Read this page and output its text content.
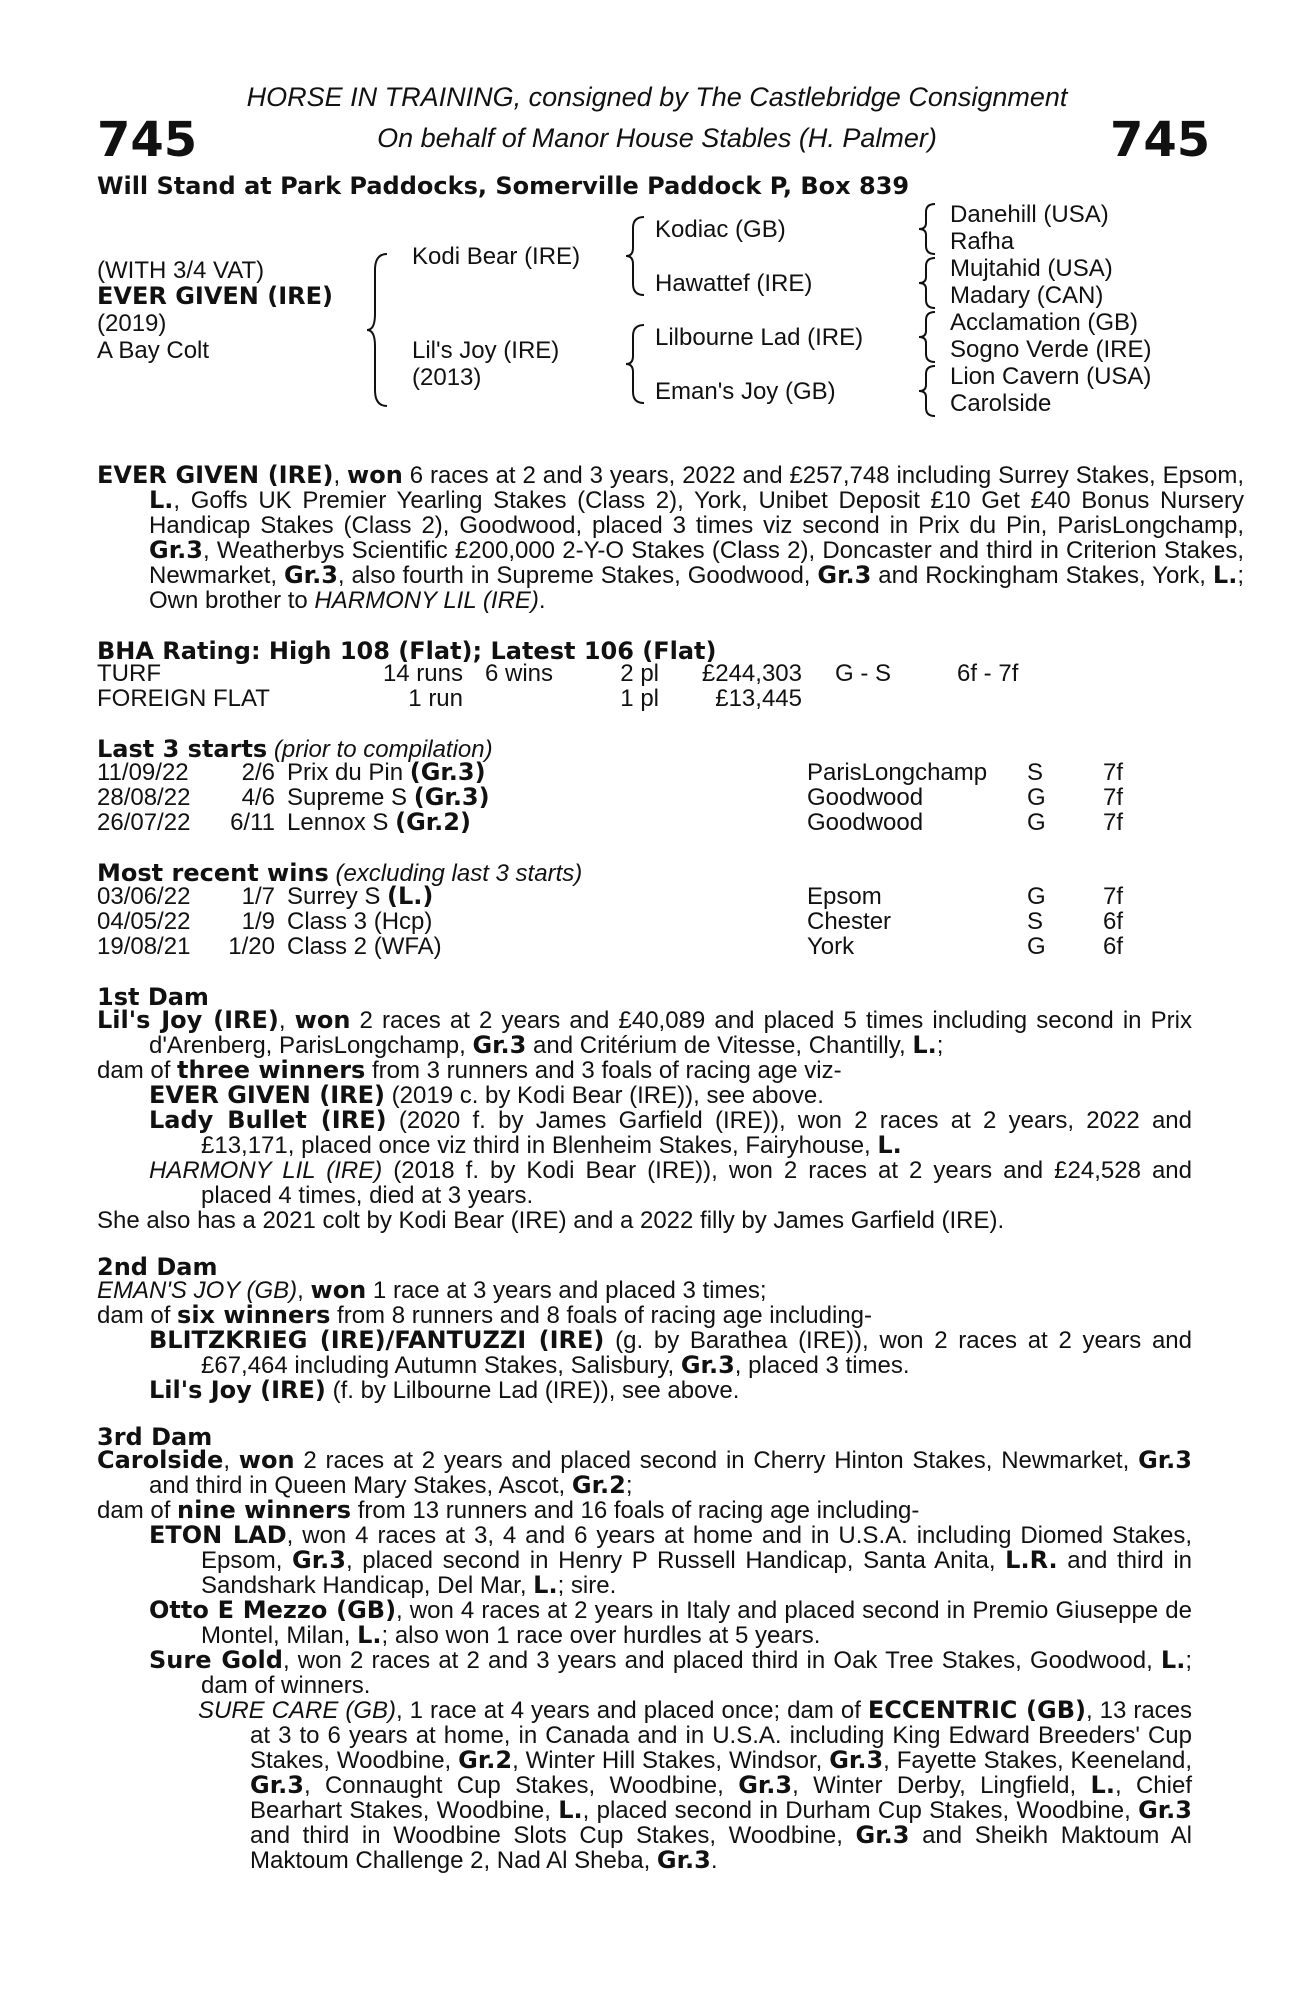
HORSE IN TRAINING, consigned by The Castlebridge Consignment
On behalf of Manor House Stables (H. Palmer)
745	745
Will Stand at Park Paddocks, Somerville Paddock P, Box 839
(WITH 3/4 VAT)
EVER GIVEN (IRE)
(2019)
A Bay Colt
Kodi Bear (IRE)
Lil's Joy (IRE)
(2013)
Kodiac (GB)
Hawattef (IRE)
Lilbourne Lad (IRE)
Eman's Joy (GB)
Danehill (USA)
Rafha
Mujtahid (USA)
Madary (CAN)
Acclamation (GB)
Sogno Verde (IRE)
Lion Cavern (USA)
Carolside

EVER GIVEN (IRE), won 6 races at 2 and 3 years, 2022 and £257,748 including Surrey Stakes, Epsom, L., Goffs UK Premier Yearling Stakes (Class 2), York, Unibet Deposit £10 Get £40 Bonus Nursery Handicap Stakes (Class 2), Goodwood, placed 3 times viz second in Prix du Pin, ParisLongchamp, Gr.3, Weatherbys Scientific £200,000 2-Y-O Stakes (Class 2), Doncaster and third in Criterion Stakes, Newmarket, Gr.3, also fourth in Supreme Stakes, Goodwood, Gr.3 and Rockingham Stakes, York, L.; Own brother to HARMONY LIL (IRE).

BHA Rating: High 108 (Flat); Latest 106 (Flat)
TURF	14 runs 6 wins	2 pl	£244,303 G - S	6f - 7f
FOREIGN FLAT	1 run	1 pl	£13,445
Last 3 starts (prior to compilation)
11/09/22	2/6 Prix du Pin (Gr.3)	ParisLongchamp S 7f
28/08/22	4/6 Supreme S (Gr.3)	Goodwood	G 7f
26/07/22	6/11 Lennox S (Gr.2)	Goodwood	G 7f
Most recent wins (excluding last 3 starts)
03/06/22	1/7 Surrey S (L.)	Epsom	G 7f
04/05/22	1/9 Class 3 (Hcp)	Chester	S 6f
19/08/21	1/20 Class 2 (WFA)	York	G 6f
1st Dam

Lil's Joy (IRE), won 2 races at 2 years and £40,089 and placed 5 times including second in Prix d'Arenberg, ParisLongchamp, Gr.3 and Critérium de Vitesse, Chantilly, L.;

dam of three winners from 3 runners and 3 foals of racing age viz-

EVER GIVEN (IRE) (2019 c. by Kodi Bear (IRE)), see above.

Lady Bullet (IRE) (2020 f. by James Garfield (IRE)), won 2 races at 2 years, 2022 and £13,171, placed once viz third in Blenheim Stakes, Fairyhouse, L.

HARMONY LIL (IRE) (2018 f. by Kodi Bear (IRE)), won 2 races at 2 years and £24,528 and placed 4 times, died at 3 years.

She also has a 2021 colt by Kodi Bear (IRE) and a 2022 filly by James Garfield (IRE).

2nd Dam

EMAN'S JOY (GB), won 1 race at 3 years and placed 3 times;

dam of six winners from 8 runners and 8 foals of racing age including-

BLITZKRIEG (IRE)/FANTUZZI (IRE) (g. by Barathea (IRE)), won 2 races at 2 years and £67,464 including Autumn Stakes, Salisbury, Gr.3, placed 3 times.

Lil's Joy (IRE) (f. by Lilbourne Lad (IRE)), see above.

3rd Dam

Carolside, won 2 races at 2 years and placed second in Cherry Hinton Stakes, Newmarket, Gr.3 and third in Queen Mary Stakes, Ascot, Gr.2;

dam of nine winners from 13 runners and 16 foals of racing age including-

ETON LAD, won 4 races at 3, 4 and 6 years at home and in U.S.A. including Diomed Stakes, Epsom, Gr.3, placed second in Henry P Russell Handicap, Santa Anita, L.R. and third in Sandshark Handicap, Del Mar, L.; sire.

Otto E Mezzo (GB), won 4 races at 2 years in Italy and placed second in Premio Giuseppe de Montel, Milan, L.; also won 1 race over hurdles at 5 years.

Sure Gold, won 2 races at 2 and 3 years and placed third in Oak Tree Stakes, Goodwood, L.; dam of winners.

SURE CARE (GB), 1 race at 4 years and placed once; dam of ECCENTRIC (GB), 13 races at 3 to 6 years at home, in Canada and in U.S.A. including King Edward Breeders' Cup Stakes, Woodbine, Gr.2, Winter Hill Stakes, Windsor, Gr.3, Fayette Stakes, Keeneland, Gr.3, Connaught Cup Stakes, Woodbine, Gr.3, Winter Derby, Lingfield, L., Chief Bearhart Stakes, Woodbine, L., placed second in Durham Cup Stakes, Woodbine, Gr.3 and third in Woodbine Slots Cup Stakes, Woodbine, Gr.3 and Sheikh Maktoum Al Maktoum Challenge 2, Nad Al Sheba, Gr.3.
